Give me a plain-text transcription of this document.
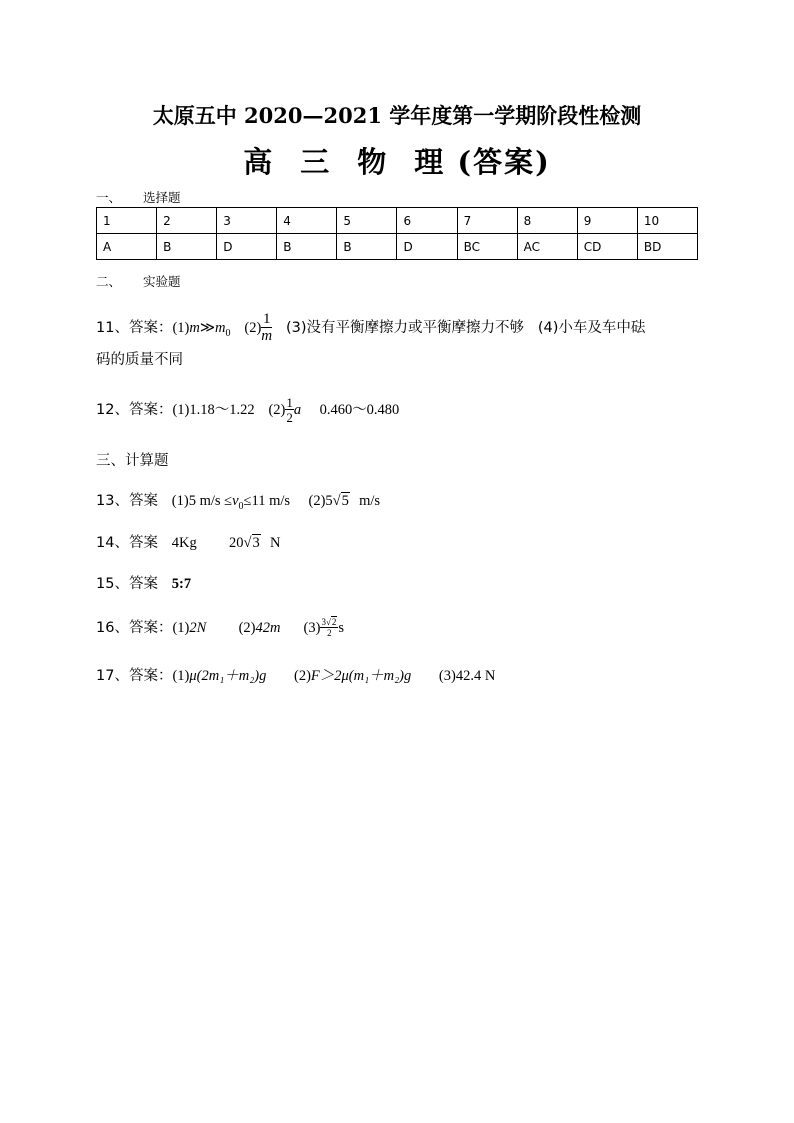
太原五中 2020—2021 学年度第一学期阶段性检测
高 三 物 理 (答案)
一、 选择题
1	2	3	4	5	6	7	8	9	10
A	B	D	B	B	D	BC	AC	CD	BD
二、 实验题
11、答案：$(1)m≫m_0$ $(2) \frac{1}{m} (3)$没有平衡摩擦力或平衡摩擦力不够 (4)小车及车中砝
码的质量不同
12、答案：(1)1.18～1.22 $(2) \frac{1}{2}$ a 0.460～0.480
三、计算题
13、答案 (1)5 $m/s \le v_0\le 11$ m/s (2)5√5 m/s
14、答案 4Kg 20√3 N
15、答案 5:7
16、答案：(1)2N (2)42m $(3) \frac{3√2}{2}$ s
17、答案：(1)μ(2m₁＋m₂)g (2)F＞2μ(m₁＋m₂)g (3)42.4 N
